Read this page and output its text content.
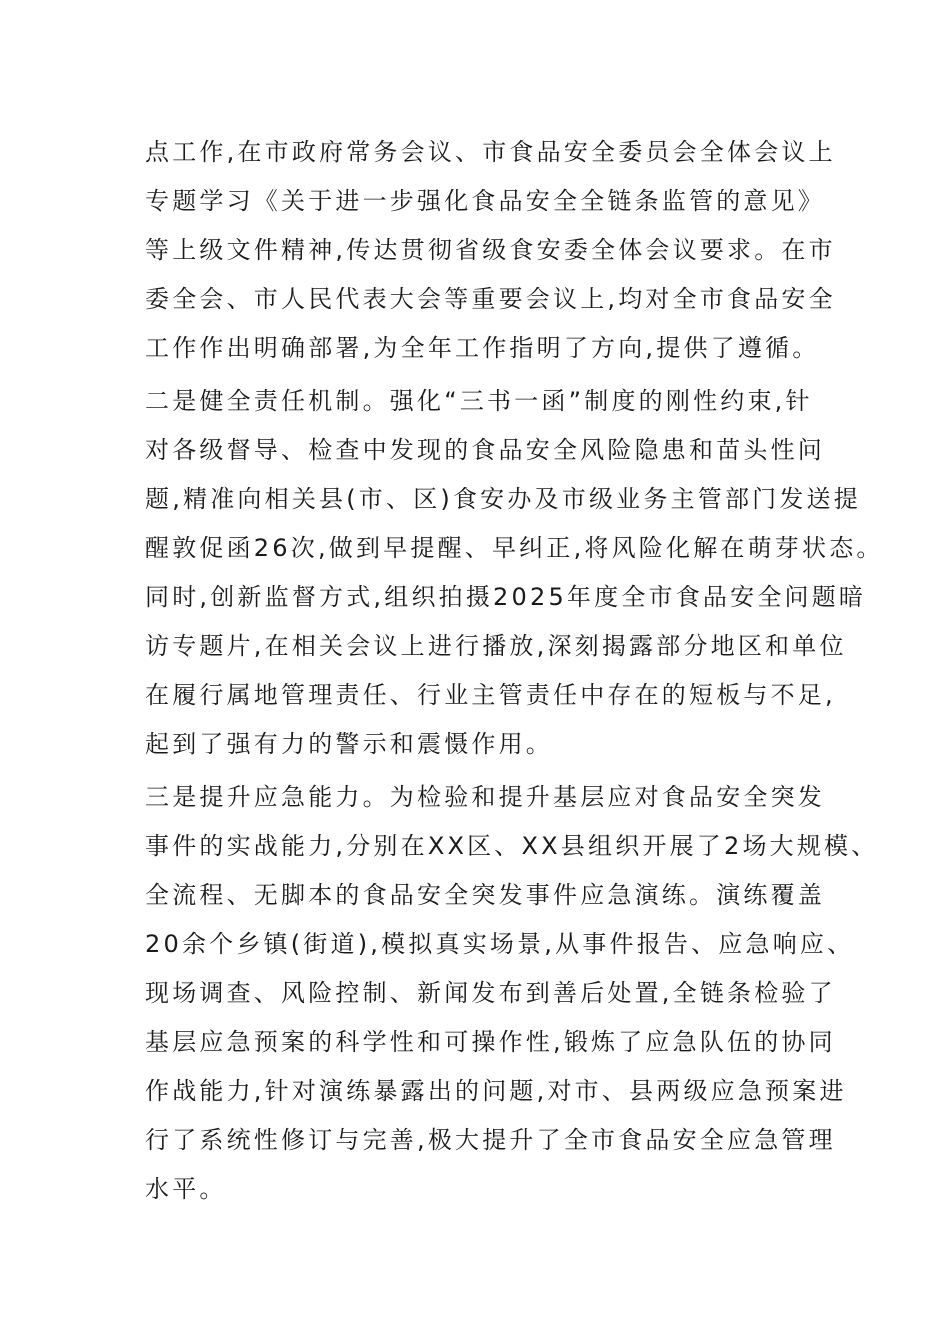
点工作,在市政府常务会议、市食品安全委员会全体会议上
专题学习《关于进一步强化食品安全全链条监管的意见》
等上级文件精神,传达贯彻省级食安委全体会议要求。在市
委全会、市人民代表大会等重要会议上,均对全市食品安全
工作作出明确部署,为全年工作指明了方向,提供了遵循。
二是健全责任机制。强化“三书一函”制度的刚性约束,针
对各级督导、检查中发现的食品安全风险隐患和苗头性问
题,精准向相关县(市、区)食安办及市级业务主管部门发送提
醒敦促函26次,做到早提醒、早纠正,将风险化解在萌芽状态。
同时,创新监督方式,组织拍摄2025年度全市食品安全问题暗
访专题片,在相关会议上进行播放,深刻揭露部分地区和单位
在履行属地管理责任、行业主管责任中存在的短板与不足,
起到了强有力的警示和震慑作用。
三是提升应急能力。为检验和提升基层应对食品安全突发
事件的实战能力,分别在XX区、XX县组织开展了2场大规模、
全流程、无脚本的食品安全突发事件应急演练。演练覆盖
20余个乡镇(街道),模拟真实场景,从事件报告、应急响应、
现场调查、风险控制、新闻发布到善后处置,全链条检验了
基层应急预案的科学性和可操作性,锻炼了应急队伍的协同
作战能力,针对演练暴露出的问题,对市、县两级应急预案进
行了系统性修订与完善,极大提升了全市食品安全应急管理
水平。
